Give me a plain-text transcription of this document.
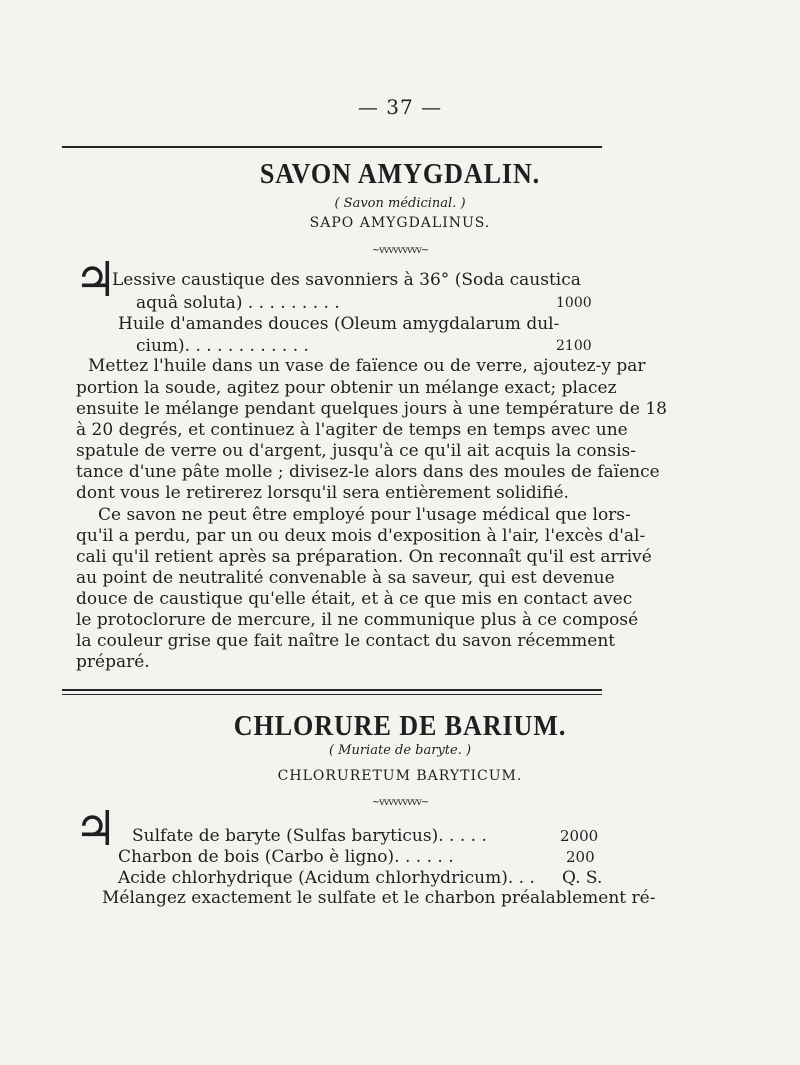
— 37 —
SAVON AMYGDALIN.
( Savon médicinal. )
SAPO AMYGDALINUS.
~vvvvvvvvv~
♃
Lessive caustique des savonniers à 36° (Soda caustica
aquâ soluta) . . . . . . . . .	1000
Huile d'amandes douces (Oleum amygdalarum dul-
cium). . . . . . . . . . . .	2100
Mettez l'huile dans un vase de faïence ou de verre, ajoutez-y par
portion la soude, agitez pour obtenir un mélange exact; placez
ensuite le mélange pendant quelques jours à une température de 18
à 20 degrés, et continuez à l'agiter de temps en temps avec une
spatule de verre ou d'argent, jusqu'à ce qu'il ait acquis la consis-
tance d'une pâte molle ; divisez-le alors dans des moules de faïence
dont vous le retirerez lorsqu'il sera entièrement solidifié.
Ce savon ne peut être employé pour l'usage médical que lors-
qu'il a perdu, par un ou deux mois d'exposition à l'air, l'excès d'al-
cali qu'il retient après sa préparation. On reconnaît qu'il est arrivé
au point de neutralité convenable à sa saveur, qui est devenue
douce de caustique qu'elle était, et à ce que mis en contact avec
le protoclorure de mercure, il ne communique plus à ce composé
la couleur grise que fait naître le contact du savon récemment
préparé.
CHLORURE DE BARIUM.
( Muriate de baryte. )
CHLORURETUM BARYTICUM.
~vvvvvvvvv~
♃ Sulfate de baryte (Sulfas baryticus). . . . .	2000
Charbon de bois (Carbo è ligno). . . . . .	200
Acide chlorhydrique (Acidum chlorhydricum). . . Q. S.
Mélangez exactement le sulfate et le charbon préalablement ré-
